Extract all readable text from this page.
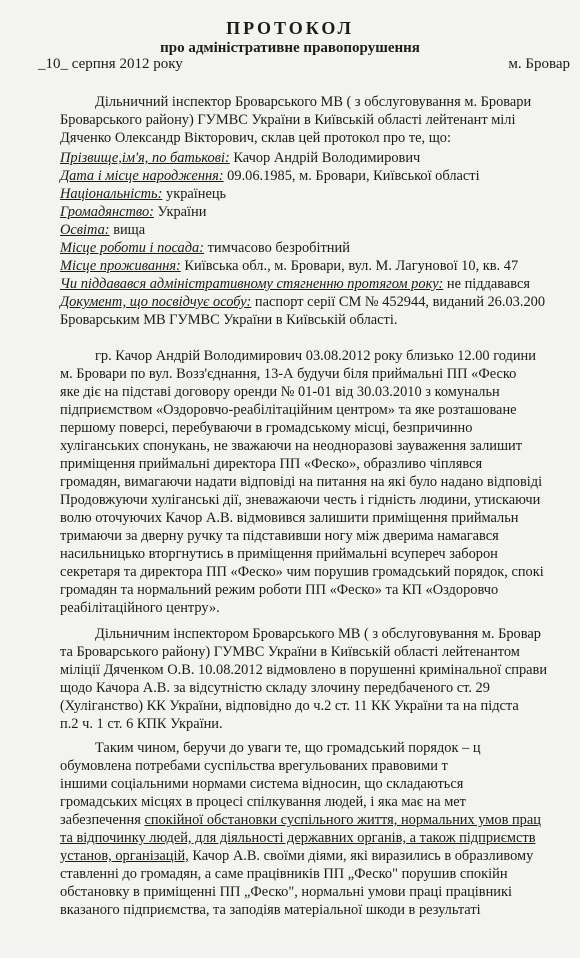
ПРОТОКОЛ
про адміністративне правопорушення
_10_ серпня 2012 року	м. Бровар
Дільничний інспектор Броварського МВ ( з обслуговування м. Бровари
Броварського району) ГУМВС України в Київській області лейтенант мілі
Дяченко Олександр Вікторович, склав цей протокол про те, що:
Прізвище,ім'я, по батькові: Качор Андрій Володимирович
Дата і місце народження: 09.06.1985, м. Бровари, Київської області
Національність: українець
Громадянство: України
Освіта: вища
Місце роботи і посада: тимчасово безробітний
Місце проживання: Київська обл., м. Бровари, вул. М. Лагунової 10, кв. 47
Чи піддавався адміністративному стягненню протягом року: не піддавався
Документ, що посвідчує особу: паспорт серії СМ № 452944, виданий 26.03.200
Броварським МВ ГУМВС України в Київській області.
гр. Качор Андрій Володимирович 03.08.2012 року близько 12.00 години
м. Бровари по вул. Возз'єднання, 13-А будучи біля приймальні ПП «Феско
яке діє на підставі договору оренди № 01-01 від 30.03.2010 з комунальн
підприємством «Оздоровчо-реабілітаційним центром» та яке розташоване
першому поверсі, перебуваючи в громадському місці, безпричинно
хуліганських спонукань, не зважаючи на неодноразові зауваження залишит
приміщення приймальні директора ПП «Феско», образливо чіплявся
громадян, вимагаючи надати відповіді на питання на які було надано відповіді
Продовжуючи хуліганські дії, зневажаючи честь і гідність людини, утискаючи
волю оточуючих Качор А.В. відмовився залишити приміщення приймальн
тримаючи за дверну ручку та підставивши ногу між дверима намагався
насильницько вторгнутись в приміщення приймальні всупереч заборон
секретаря та директора ПП «Феско» чим порушив громадський порядок, спокі
громадян та нормальний режим роботи ПП «Феско» та КП «Оздоровчо
реабілітаційного центру».
Дільничним інспектором Броварського МВ ( з обслуговування м. Бровар
та Броварського району) ГУМВС України в Київській області лейтенантом
міліції Дяченком О.В. 10.08.2012 відмовлено в порушенні кримінальної справи
щодо Качора А.В. за відсутністю складу злочину передбаченого ст. 29
(Хуліганство) КК України, відповідно до ч.2 ст. 11 КК України та на підста
п.2 ч. 1 ст. 6 КПК України.
Таким чином, беручи до уваги те, що громадський порядок – ц
обумовлена потребами суспільства врегульованих правовими т
іншими соціальними нормами система відносин, що складаються
громадських місцях в процесі спілкування людей, і яка має на мет
забезпечення спокійної обстановки суспільного життя, нормальних умов прац
та відпочинку людей, для діяльності державних органів, а також підприємств
установ, організацій, Качор А.В. своїми діями, які виразились в образливому
ставленні до громадян, а саме працівників ПП „Феско" порушив спокійн
обстановку в приміщенні ПП „Феско", нормальні умови праці працівникі
вказаного підприємства, та заподіяв матеріальної шкоди в результаті
